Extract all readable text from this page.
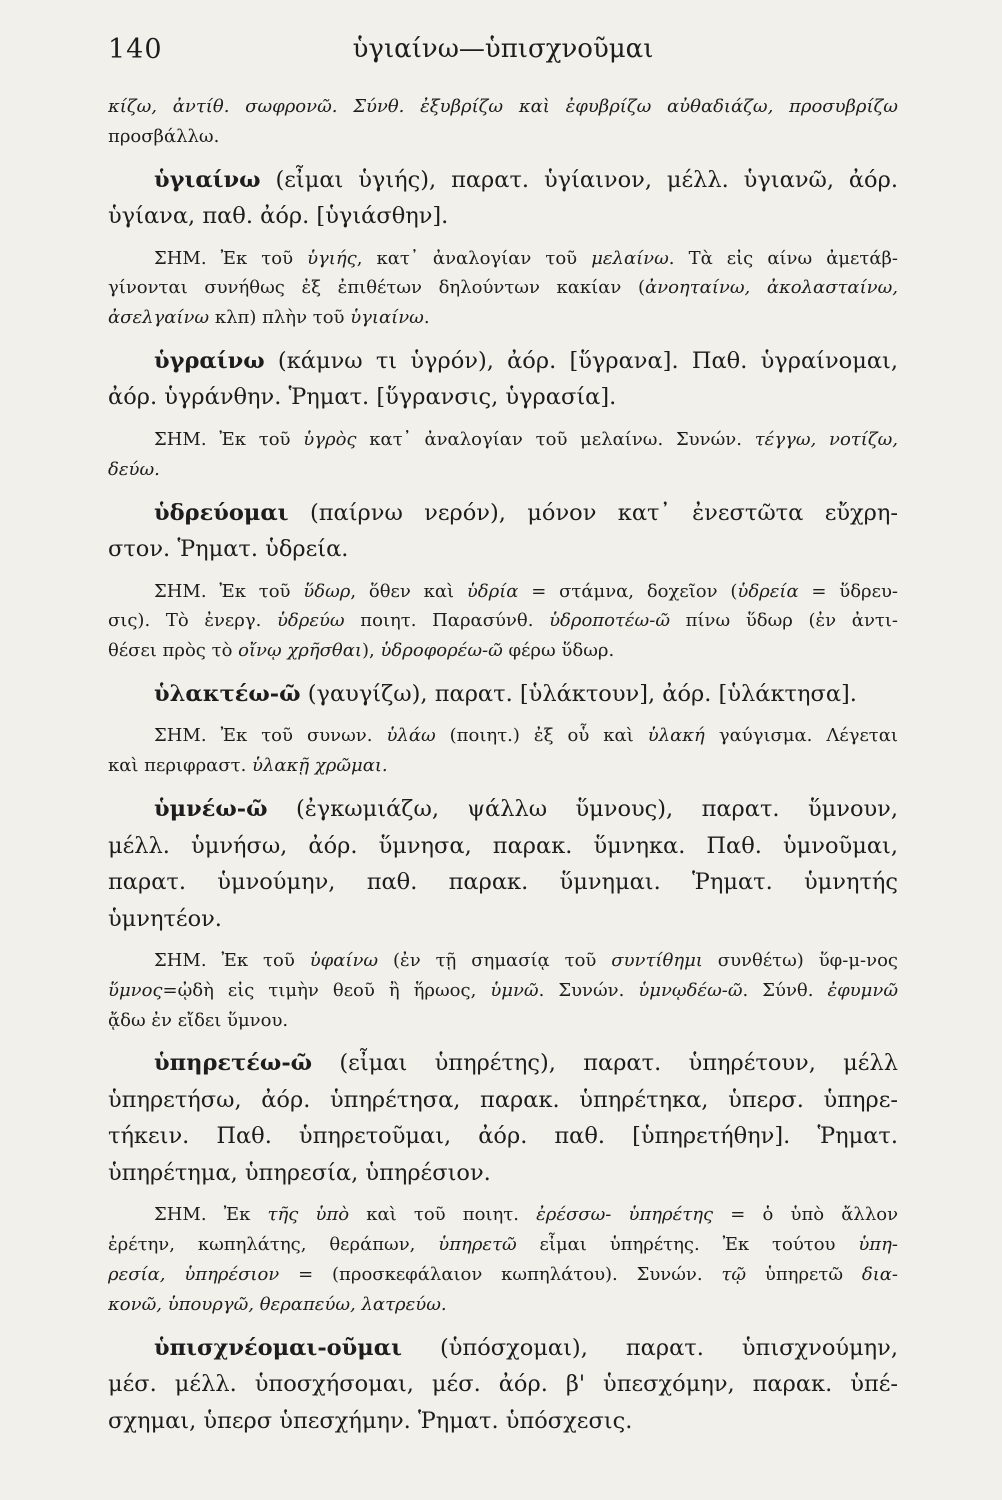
140	ὑγιαίνω—ὑπισχνοῦμαι
κίζω, ἀντίθ. σωφρονῶ. Σύνθ. ἐξυβρίζω καὶ ἐφυβρίζω αὐθαδιάζω, προσυβρίζω
προσβάλλω.
ὑγιαίνω (εἶμαι ὑγιής), παρατ. ὑγίαινον, μέλλ. ὑγιανῶ, ἀόρ.
ὑγίανα, παθ. ἀόρ. [ὑγιάσθην].
ΣΗΜ. Ἐκ τοῦ ὑγιής, κατ᾽ ἀναλογίαν τοῦ μελαίνω. Τὰ εἰς αίνω ἀμετάβ-
γίνονται συνήθως ἐξ ἐπιθέτων δηλούντων κακίαν (ἀνοηταίνω, ἀκολασταίνω,
ἀσελγαίνω κλπ) πλὴν τοῦ ὑγιαίνω.
ὑγραίνω (κάμνω τι ὑγρόν), ἀόρ. [ὕγρανα]. Παθ. ὑγραίνομαι,
ἀόρ. ὑγράνθην. Ῥηματ. [ὕγρανσις, ὑγρασία].
ΣΗΜ. Ἐκ τοῦ ὑγρὸς κατ᾽ ἀναλογίαν τοῦ μελαίνω. Συνών. τέγγω, νοτίζω,
δεύω.
ὑδρεύομαι (παίρνω νερόν), μόνον κατ᾽ ἐνεστῶτα εὔχρη-
στον. Ῥηματ. ὑδρεία.
ΣΗΜ. Ἐκ τοῦ ὕδωρ, ὅθεν καὶ ὑδρία = στάμνα, δοχεῖον (ὑδρεία = ὕδρευ-
σις). Τὸ ἐνεργ. ὑδρεύω ποιητ. Παρασύνθ. ὑδροποτέω-ῶ πίνω ὕδωρ (ἐν ἀντι-
θέσει πρὸς τὸ οἴνῳ χρῆσθαι), ὑδροφορέω-ῶ φέρω ὕδωρ.
ὑλακτέω-ῶ (γαυγίζω), παρατ. [ὑλάκτουν], ἀόρ. [ὑλάκτησα].
ΣΗΜ. Ἐκ τοῦ συνων. ὑλάω (ποιητ.) ἐξ οὗ καὶ ὑλακή γαύγισμα. Λέγεται
καὶ περιφραστ. ὑλακῇ χρῶμαι.
ὑμνέω-ῶ (ἐγκωμιάζω, ψάλλω ὕμνους), παρατ. ὕμνουν,
μέλλ. ὑμνήσω, ἀόρ. ὕμνησα, παρακ. ὕμνηκα. Παθ. ὑμνοῦμαι,
παρατ. ὑμνούμην, παθ. παρακ. ὕμνημαι. Ῥηματ. ὑμνητής
ὑμνητέον.
ΣΗΜ. Ἐκ τοῦ ὑφαίνω (ἐν τῇ σημασίᾳ τοῦ συντίθημι συνθέτω) ὕφ-μ-νος
ὕμνος=ᾠδὴ εἰς τιμὴν θεοῦ ἢ ἥρωος, ὑμνῶ. Συνών. ὑμνῳδέω-ῶ. Σύνθ. ἐφυμνῶ
ᾄδω ἐν εἴδει ὕμνου.
ὑπηρετέω-ῶ (εἶμαι ὑπηρέτης), παρατ. ὑπηρέτουν, μέλλ
ὑπηρετήσω, ἀόρ. ὑπηρέτησα, παρακ. ὑπηρέτηκα, ὑπερσ. ὑπηρε-
τήκειν. Παθ. ὑπηρετοῦμαι, ἀόρ. παθ. [ὑπηρετήθην]. Ῥηματ.
ὑπηρέτημα, ὑπηρεσία, ὑπηρέσιον.
ΣΗΜ. Ἐκ τῆς ὑπὸ καὶ τοῦ ποιητ. ἐρέσσω- ὑπηρέτης = ὁ ὑπὸ ἄλλον
ἐρέτην, κωπηλάτης, θεράπων, ὑπηρετῶ εἶμαι ὑπηρέτης. Ἐκ τούτου ὑπη-
ρεσία, ὑπηρέσιον = (προσκεφάλαιον κωπηλάτου). Συνών. τῷ ὑπηρετῶ δια-
κονῶ, ὑπουργῶ, θεραπεύω, λατρεύω.
ὑπισχνέομαι-οῦμαι (ὑπόσχομαι), παρατ. ὑπισχνούμην,
μέσ. μέλλ. ὑποσχήσομαι, μέσ. ἀόρ. β' ὑπεσχόμην, παρακ. ὑπέ-
σχημαι, ὑπερσ ὑπεσχήμην. Ῥηματ. ὑπόσχεσις.
